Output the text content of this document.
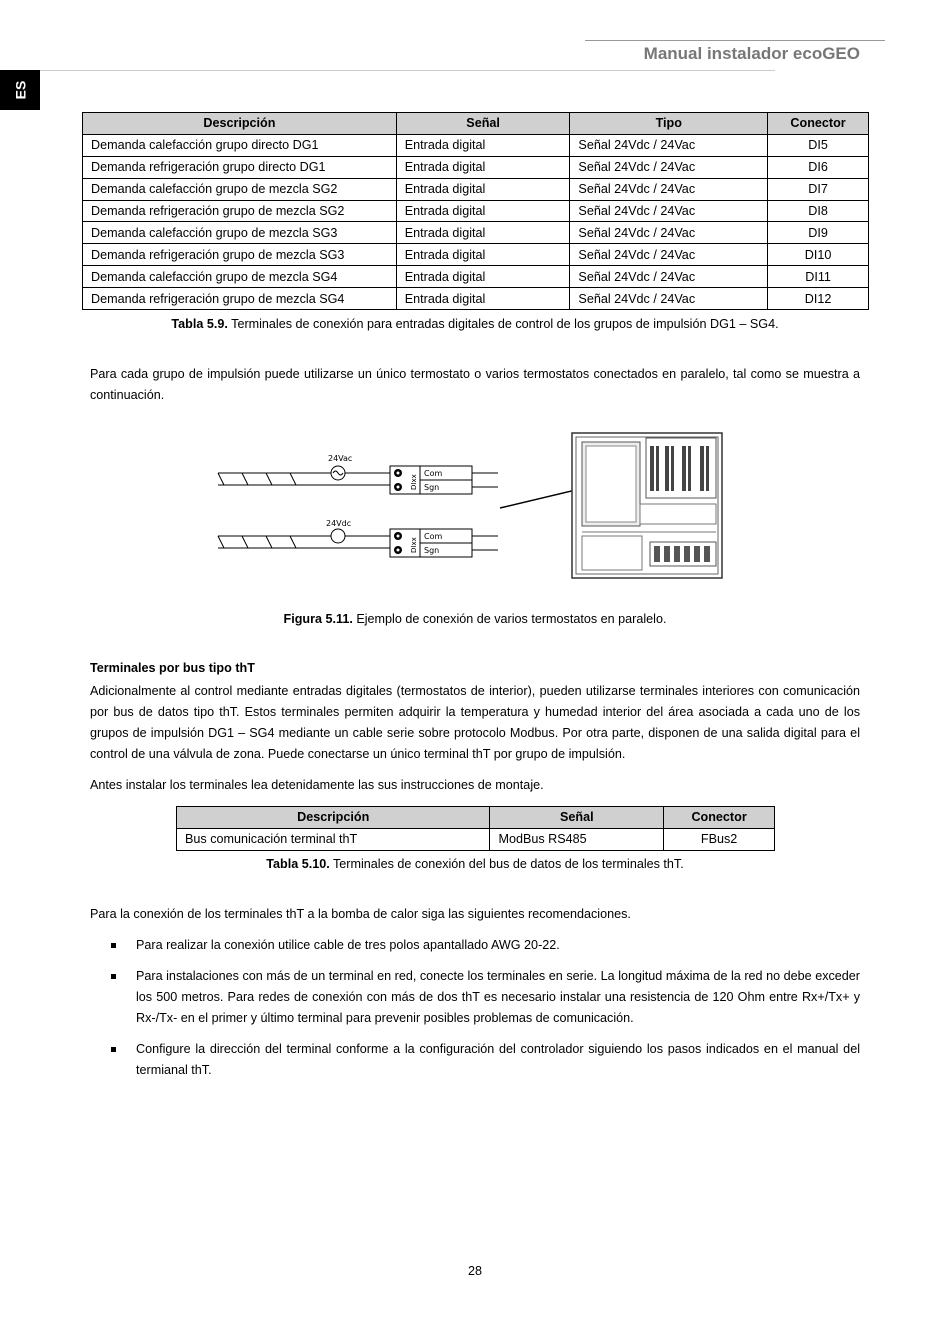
Manual instalador ecoGEO
ES
Descripción	Señal	Tipo	Conector
Demanda calefacción grupo directo DG1	Entrada digital	Señal 24Vdc / 24Vac	DI5
Demanda refrigeración grupo directo DG1	Entrada digital	Señal 24Vdc / 24Vac	DI6
Demanda calefacción grupo de mezcla SG2	Entrada digital	Señal 24Vdc / 24Vac	DI7
Demanda refrigeración grupo de mezcla SG2	Entrada digital	Señal 24Vdc / 24Vac	DI8
Demanda calefacción grupo de mezcla SG3	Entrada digital	Señal 24Vdc / 24Vac	DI9
Demanda refrigeración grupo de mezcla SG3	Entrada digital	Señal 24Vdc / 24Vac	DI10
Demanda calefacción grupo de mezcla SG4	Entrada digital	Señal 24Vdc / 24Vac	DI11
Demanda refrigeración grupo de mezcla SG4	Entrada digital	Señal 24Vdc / 24Vac	DI12
Tabla 5.9. Terminales de conexión para entradas digitales de control de los grupos de impulsión DG1 – SG4.
Para cada grupo de impulsión puede utilizarse un único termostato o varios termostatos conectados en paralelo, tal como se muestra a continuación.
24Vac
DIxx
Com
Sgn
24Vdc
DIxx
Com
Sgn
Figura 5.11. Ejemplo de conexión de varios termostatos en paralelo.
Terminales por bus tipo thT
Adicionalmente al control mediante entradas digitales (termostatos de interior), pueden utilizarse terminales interiores con comunicación por bus de datos tipo thT. Estos terminales permiten adquirir la temperatura y humedad interior del área asociada a cada uno de los grupos de impulsión DG1 – SG4 mediante un cable serie sobre protocolo Modbus. Por otra parte, disponen de una salida digital para el control de una válvula de zona. Puede conectarse un único terminal thT por grupo de impulsión.
Antes instalar los terminales lea detenidamente las sus instrucciones de montaje.
Descripción	Señal	Conector
Bus comunicación terminal thT	ModBus RS485	FBus2
Tabla 5.10. Terminales de conexión del bus de datos de los terminales thT.
Para la conexión de los terminales thT a la bomba de calor siga las siguientes recomendaciones.
Para realizar la conexión utilice cable de tres polos apantallado AWG 20-22.
Para instalaciones con más de un terminal en red, conecte los terminales en serie. La longitud máxima de la red no debe exceder los 500 metros. Para redes de conexión con más de dos thT es necesario instalar una resistencia de 120 Ohm entre Rx+/Tx+ y Rx-/Tx- en el primer y último terminal para prevenir posibles problemas de comunicación.
Configure la dirección del terminal conforme a la configuración del controlador siguiendo los pasos indicados en el manual del termianal thT.
28
